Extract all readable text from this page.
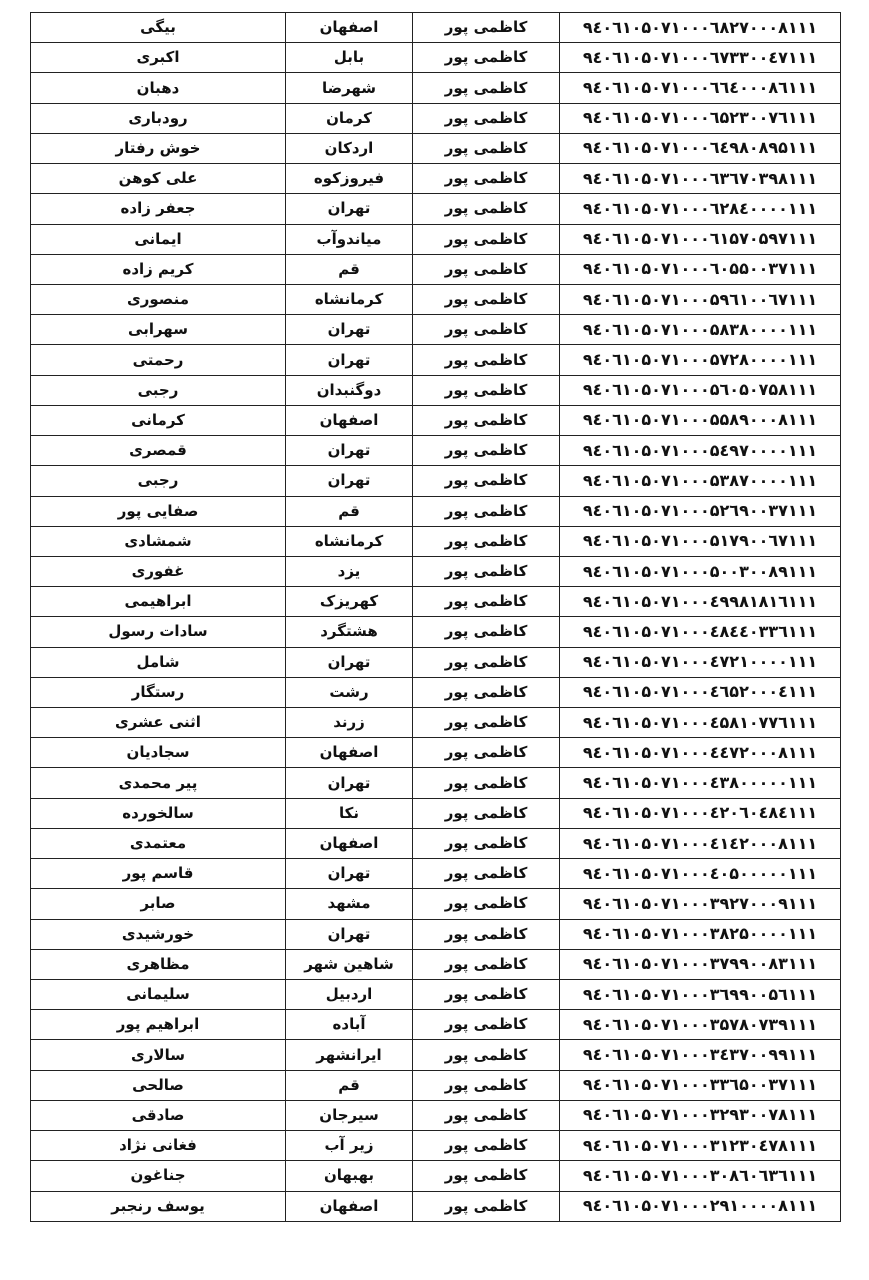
۹٤۰٦۱۰۵۰۷۱۰۰۰٦۸۲۷۰۰۰۸۱۱۱	کاظمی پور	اصفهان	بیگی
۹٤۰٦۱۰۵۰۷۱۰۰۰٦۷۳۳۰۰٤۷۱۱۱	کاظمی پور	بابل	اکبری
۹٤۰٦۱۰۵۰۷۱۰۰۰٦٦٤۰۰۰۸٦۱۱۱	کاظمی پور	شهرضا	دهبان
۹٤۰٦۱۰۵۰۷۱۰۰۰٦۵۲۳۰۰۷٦۱۱۱	کاظمی پور	کرمان	رودباری
۹٤۰٦۱۰۵۰۷۱۰۰۰٦٤۹۸۰۸۹۵۱۱۱	کاظمی پور	اردکان	خوش رفتار
۹٤۰٦۱۰۵۰۷۱۰۰۰٦۳٦۷۰۳۹۸۱۱۱	کاظمی پور	فیروزکوه	علی کوهن
۹٤۰٦۱۰۵۰۷۱۰۰۰٦۲۸٤۰۰۰۰۱۱۱	کاظمی پور	تهران	جعفر زاده
۹٤۰٦۱۰۵۰۷۱۰۰۰٦۱۵۷۰۵۹۷۱۱۱	کاظمی پور	میاندوآب	ایمانی
۹٤۰٦۱۰۵۰۷۱۰۰۰٦۰۵۵۰۰۳۷۱۱۱	کاظمی پور	قم	کریم زاده
۹٤۰٦۱۰۵۰۷۱۰۰۰۵۹٦۱۰۰٦۷۱۱۱	کاظمی پور	کرمانشاه	منصوری
۹٤۰٦۱۰۵۰۷۱۰۰۰۵۸۳۸۰۰۰۰۱۱۱	کاظمی پور	تهران	سهرابی
۹٤۰٦۱۰۵۰۷۱۰۰۰۵۷۲۸۰۰۰۰۱۱۱	کاظمی پور	تهران	رحمتی
۹٤۰٦۱۰۵۰۷۱۰۰۰۵٦۰۵۰۷۵۸۱۱۱	کاظمی پور	دوگنبدان	رجبی
۹٤۰٦۱۰۵۰۷۱۰۰۰۵۵۸۹۰۰۰۸۱۱۱	کاظمی پور	اصفهان	کرمانی
۹٤۰٦۱۰۵۰۷۱۰۰۰۵٤۹۷۰۰۰۰۱۱۱	کاظمی پور	تهران	قمصری
۹٤۰٦۱۰۵۰۷۱۰۰۰۵۳۸۷۰۰۰۰۱۱۱	کاظمی پور	تهران	رجبی
۹٤۰٦۱۰۵۰۷۱۰۰۰۵۲٦۹۰۰۳۷۱۱۱	کاظمی پور	قم	صفایی پور
۹٤۰٦۱۰۵۰۷۱۰۰۰۵۱۷۹۰۰٦۷۱۱۱	کاظمی پور	کرمانشاه	شمشادی
۹٤۰٦۱۰۵۰۷۱۰۰۰۵۰۰۳۰۰۸۹۱۱۱	کاظمی پور	یزد	غفوری
۹٤۰٦۱۰۵۰۷۱۰۰۰٤۹۹۸۱۸۱٦۱۱۱	کاظمی پور	کهریزک	ابراهیمی
۹٤۰٦۱۰۵۰۷۱۰۰۰٤۸٤٤۰۳۳٦۱۱۱	کاظمی پور	هشتگرد	سادات رسول
۹٤۰٦۱۰۵۰۷۱۰۰۰٤۷۲۱۰۰۰۰۱۱۱	کاظمی پور	تهران	شامل
۹٤۰٦۱۰۵۰۷۱۰۰۰٤٦۵۲۰۰۰٤۱۱۱	کاظمی پور	رشت	رستگار
۹٤۰٦۱۰۵۰۷۱۰۰۰٤۵۸۱۰۷۷٦۱۱۱	کاظمی پور	زرند	اثنی عشری
۹٤۰٦۱۰۵۰۷۱۰۰۰٤٤۷۲۰۰۰۸۱۱۱	کاظمی پور	اصفهان	سجادیان
۹٤۰٦۱۰۵۰۷۱۰۰۰٤۳۸۰۰۰۰۰۱۱۱	کاظمی پور	تهران	پیر محمدی
۹٤۰٦۱۰۵۰۷۱۰۰۰٤۲۰٦۰٤۸٤۱۱۱	کاظمی پور	نکا	سالخورده
۹٤۰٦۱۰۵۰۷۱۰۰۰٤۱٤۲۰۰۰۸۱۱۱	کاظمی پور	اصفهان	معتمدی
۹٤۰٦۱۰۵۰۷۱۰۰۰٤۰۵۰۰۰۰۰۱۱۱	کاظمی پور	تهران	قاسم پور
۹٤۰٦۱۰۵۰۷۱۰۰۰۳۹۲۷۰۰۰۹۱۱۱	کاظمی پور	مشهد	صابر
۹٤۰٦۱۰۵۰۷۱۰۰۰۳۸۲۵۰۰۰۰۱۱۱	کاظمی پور	تهران	خورشیدی
۹٤۰٦۱۰۵۰۷۱۰۰۰۳۷۹۹۰۰۸۳۱۱۱	کاظمی پور	شاهین شهر	مظاهری
۹٤۰٦۱۰۵۰۷۱۰۰۰۳٦۹۹۰۰۵٦۱۱۱	کاظمی پور	اردبیل	سلیمانی
۹٤۰٦۱۰۵۰۷۱۰۰۰۳۵۷۸۰۷۳۹۱۱۱	کاظمی پور	آباده	ابراهیم پور
۹٤۰٦۱۰۵۰۷۱۰۰۰۳٤۳۷۰۰۹۹۱۱۱	کاظمی پور	ایرانشهر	سالاری
۹٤۰٦۱۰۵۰۷۱۰۰۰۳۳٦۵۰۰۳۷۱۱۱	کاظمی پور	قم	صالحی
۹٤۰٦۱۰۵۰۷۱۰۰۰۳۲۹۳۰۰۷۸۱۱۱	کاظمی پور	سیرجان	صادقی
۹٤۰٦۱۰۵۰۷۱۰۰۰۳۱۲۳۰٤۷۸۱۱۱	کاظمی پور	زیر آب	فغانی نژاد
۹٤۰٦۱۰۵۰۷۱۰۰۰۳۰۸٦۰٦۳٦۱۱۱	کاظمی پور	بهبهان	جناغون
۹٤۰٦۱۰۵۰۷۱۰۰۰۲۹۱۰۰۰۰۸۱۱۱	کاظمی پور	اصفهان	یوسف رنجبر
